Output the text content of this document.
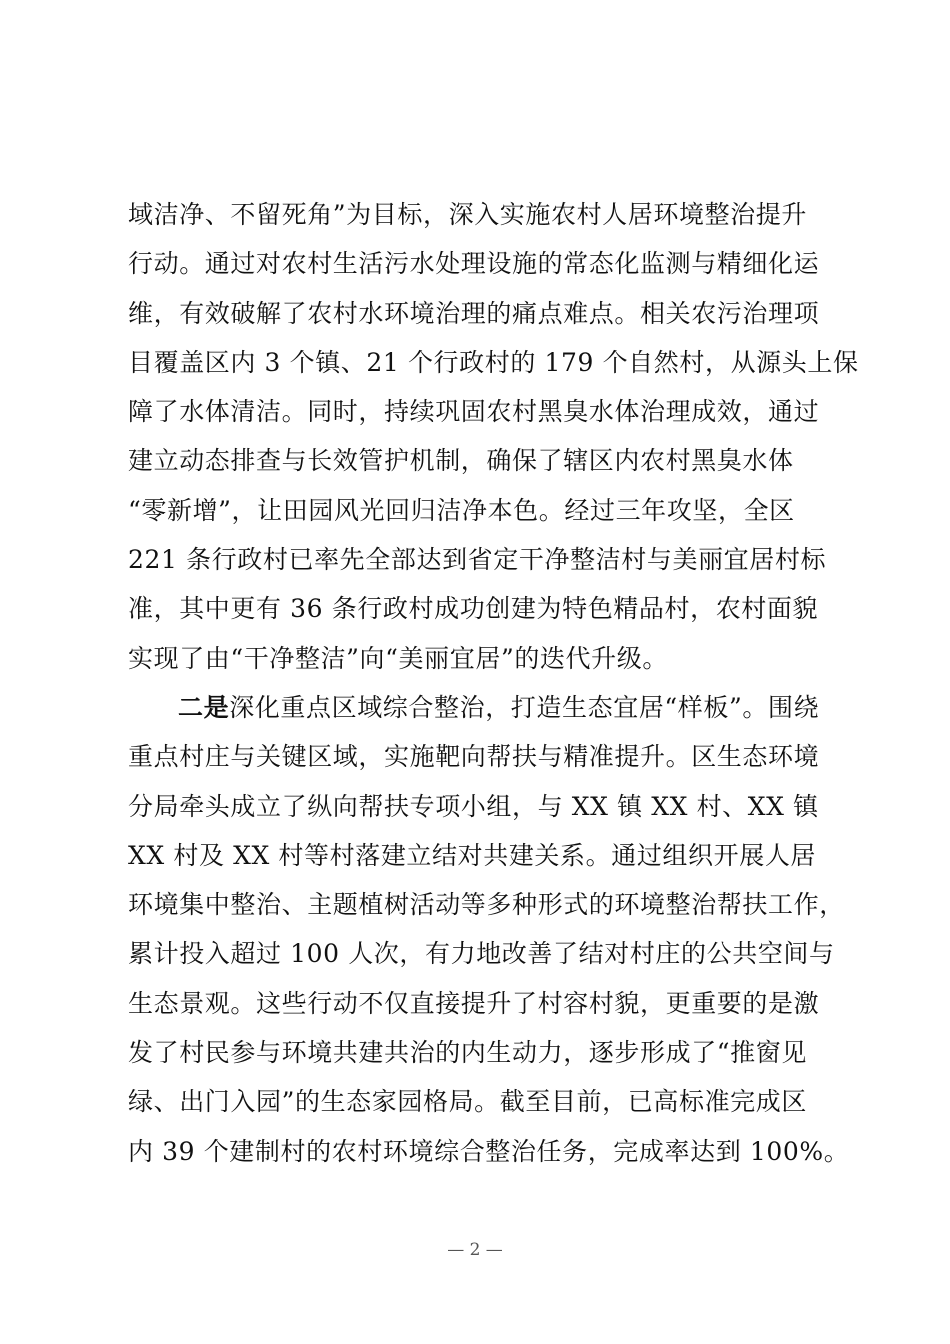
域洁净、不留死角”为目标，深入实施农村人居环境整治提升
行动。通过对农村生活污水处理设施的常态化监测与精细化运
维，有效破解了农村水环境治理的痛点难点。相关农污治理项
目覆盖区内 3 个镇、21 个行政村的 179 个自然村，从源头上保
障了水体清洁。同时，持续巩固农村黑臭水体治理成效，通过
建立动态排查与长效管护机制，确保了辖区内农村黑臭水体
“零新增”，让田园风光回归洁净本色。经过三年攻坚，全区
221 条行政村已率先全部达到省定干净整洁村与美丽宜居村标
准，其中更有 36 条行政村成功创建为特色精品村，农村面貌
实现了由“干净整洁”向“美丽宜居”的迭代升级。
二是深化重点区域综合整治，打造生态宜居“样板”。围绕
重点村庄与关键区域，实施靶向帮扶与精准提升。区生态环境
分局牵头成立了纵向帮扶专项小组，与 XX 镇 XX 村、XX 镇
XX 村及 XX 村等村落建立结对共建关系。通过组织开展人居
环境集中整治、主题植树活动等多种形式的环境整治帮扶工作，
累计投入超过 100 人次，有力地改善了结对村庄的公共空间与
生态景观。这些行动不仅直接提升了村容村貌，更重要的是激
发了村民参与环境共建共治的内生动力，逐步形成了“推窗见
绿、出门入园”的生态家园格局。截至目前，已高标准完成区
内 39 个建制村的农村环境综合整治任务，完成率达到 100%。
— 2 —
